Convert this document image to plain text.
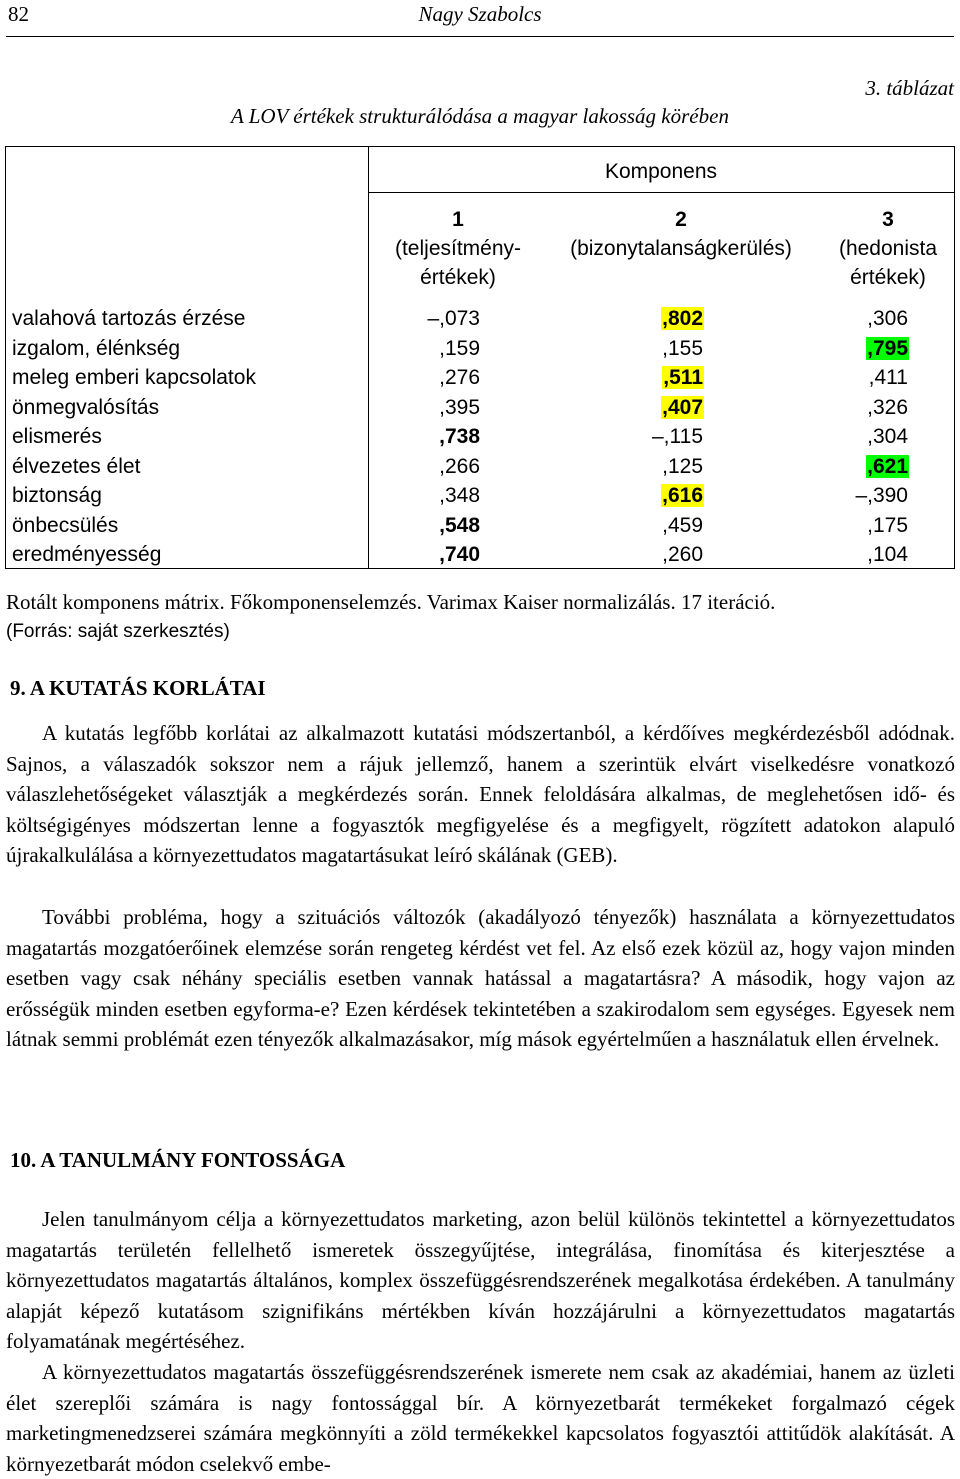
82	Nagy Szabolcs
3. táblázat
A LOV értékek strukturálódása a magyar lakosság körében
Komponens
1
(teljesítmény-
értékek)
2
(bizonytalanságkerülés)
3
(hedonista
értékek)
valahová tartozás érzése	–,073	,802	,306
izgalom, élénkség	,159	,155	,795
meleg emberi kapcsolatok	,276	,511	,411
önmegvalósítás	,395	,407	,326
elismerés	,738	–,115	,304
élvezetes élet	,266	,125	,621
biztonság	,348	,616	–,390
önbecsülés	,548	,459	,175
eredményesség	,740	,260	,104
Rotált komponens mátrix. Főkomponenselemzés. Varimax Kaiser normalizálás. 17 iteráció.
(Forrás: saját szerkesztés)
9. A KUTATÁS KORLÁTAI

A kutatás legfőbb korlátai az alkalmazott kutatási módszertanból, a kérdőíves megkérdezésből adódnak. Sajnos, a válaszadók sokszor nem a rájuk jellemző, hanem a szerintük elvárt viselkedésre vonatkozó válaszlehetőségeket választják a megkérdezés során. Ennek feloldására alkalmas, de meglehetősen idő- és költségigényes módszertan lenne a fogyasztók megfigyelése és a megfigyelt, rögzített adatokon alapuló újrakalkulálása a környezettudatos magatartásukat leíró skálának (GEB).

További probléma, hogy a szituációs változók (akadályozó tényezők) használata a környezettudatos magatartás mozgatóerőinek elemzése során rengeteg kérdést vet fel. Az első ezek közül az, hogy vajon minden esetben vagy csak néhány speciális esetben vannak hatással a magatartásra? A második, hogy vajon az erősségük minden esetben egyforma-e? Ezen kérdések tekintetében a szakirodalom sem egységes. Egyesek nem látnak semmi problémát ezen tényezők alkalmazásakor, míg mások egyértelműen a használatuk ellen érvelnek.

10. A TANULMÁNY FONTOSSÁGA

Jelen tanulmányom célja a környezettudatos marketing, azon belül különös tekintettel a környezettudatos magatartás területén fellelhető ismeretek összegyűjtése, integrálása, finomítása és kiterjesztése a környezettudatos magatartás általános, komplex összefüggésrendszerének megalkotása érdekében. A tanulmány alapját képező kutatásom szignifikáns mértékben kíván hozzájárulni a környezettudatos magatartás folyamatának megértéséhez.

A környezettudatos magatartás összefüggésrendszerének ismerete nem csak az akadémiai, hanem az üzleti élet szereplői számára is nagy fontossággal bír. A környezetbarát termékeket forgalmazó cégek marketingmenedzserei számára megkönnyíti a zöld termékekkel kapcsolatos fogyasztói attitűdök alakítását. A környezetbarát módon cselekvő embe-
